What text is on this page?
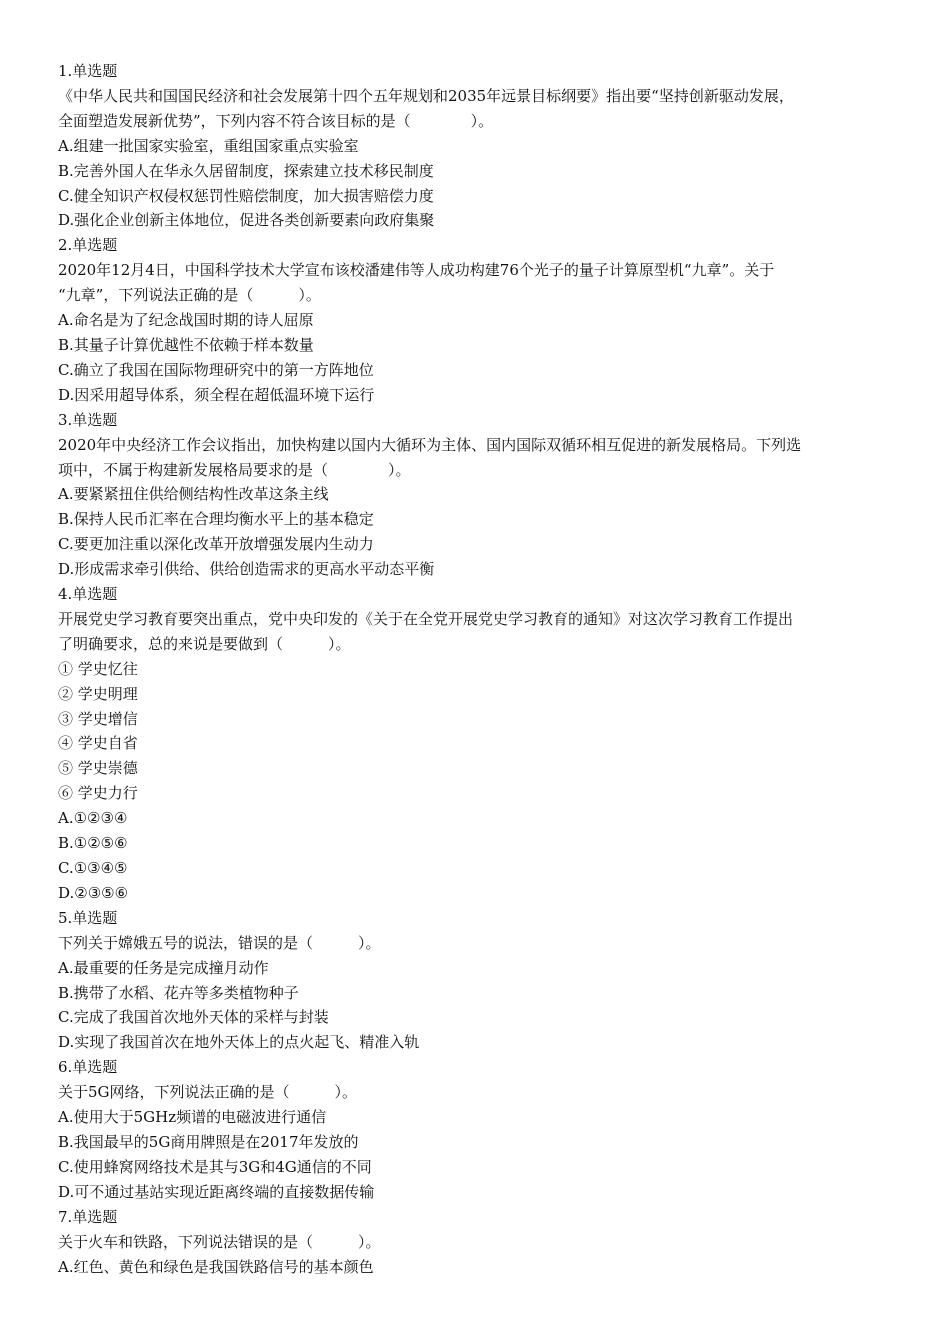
1.单选题
《中华人民共和国国民经济和社会发展第十四个五年规划和2035年远景目标纲要》指出要“坚持创新驱动发展，
全面塑造发展新优势”，下列内容不符合该目标的是（　　　　）。
A.组建一批国家实验室，重组国家重点实验室
B.完善外国人在华永久居留制度，探索建立技术移民制度
C.健全知识产权侵权惩罚性赔偿制度，加大损害赔偿力度
D.强化企业创新主体地位，促进各类创新要素向政府集聚
2.单选题
2020年12月4日，中国科学技术大学宣布该校潘建伟等人成功构建76个光子的量子计算原型机“九章”。关于
“九章”，下列说法正确的是（　　　）。
A.命名是为了纪念战国时期的诗人屈原
B.其量子计算优越性不依赖于样本数量
C.确立了我国在国际物理研究中的第一方阵地位
D.因采用超导体系，须全程在超低温环境下运行
3.单选题
2020年中央经济工作会议指出，加快构建以国内大循环为主体、国内国际双循环相互促进的新发展格局。下列选
项中，不属于构建新发展格局要求的是（　　　　）。
A.要紧紧扭住供给侧结构性改革这条主线
B.保持人民币汇率在合理均衡水平上的基本稳定
C.要更加注重以深化改革开放增强发展内生动力
D.形成需求牵引供给、供给创造需求的更高水平动态平衡
4.单选题
开展党史学习教育要突出重点，党中央印发的《关于在全党开展党史学习教育的通知》对这次学习教育工作提出
了明确要求，总的来说是要做到（　　　）。
① 学史忆往
② 学史明理
③ 学史增信
④ 学史自省
⑤ 学史崇德
⑥ 学史力行
A.①②③④
B.①②⑤⑥
C.①③④⑤
D.②③⑤⑥
5.单选题
下列关于嫦娥五号的说法，错误的是（　　　）。
A.最重要的任务是完成撞月动作
B.携带了水稻、花卉等多类植物种子
C.完成了我国首次地外天体的采样与封装
D.实现了我国首次在地外天体上的点火起飞、精准入轨
6.单选题
关于5G网络，下列说法正确的是（　　　）。
A.使用大于5GHz频谱的电磁波进行通信
B.我国最早的5G商用牌照是在2017年发放的
C.使用蜂窝网络技术是其与3G和4G通信的不同
D.可不通过基站实现近距离终端的直接数据传输
7.单选题
关于火车和铁路，下列说法错误的是（　　　）。
A.红色、黄色和绿色是我国铁路信号的基本颜色
